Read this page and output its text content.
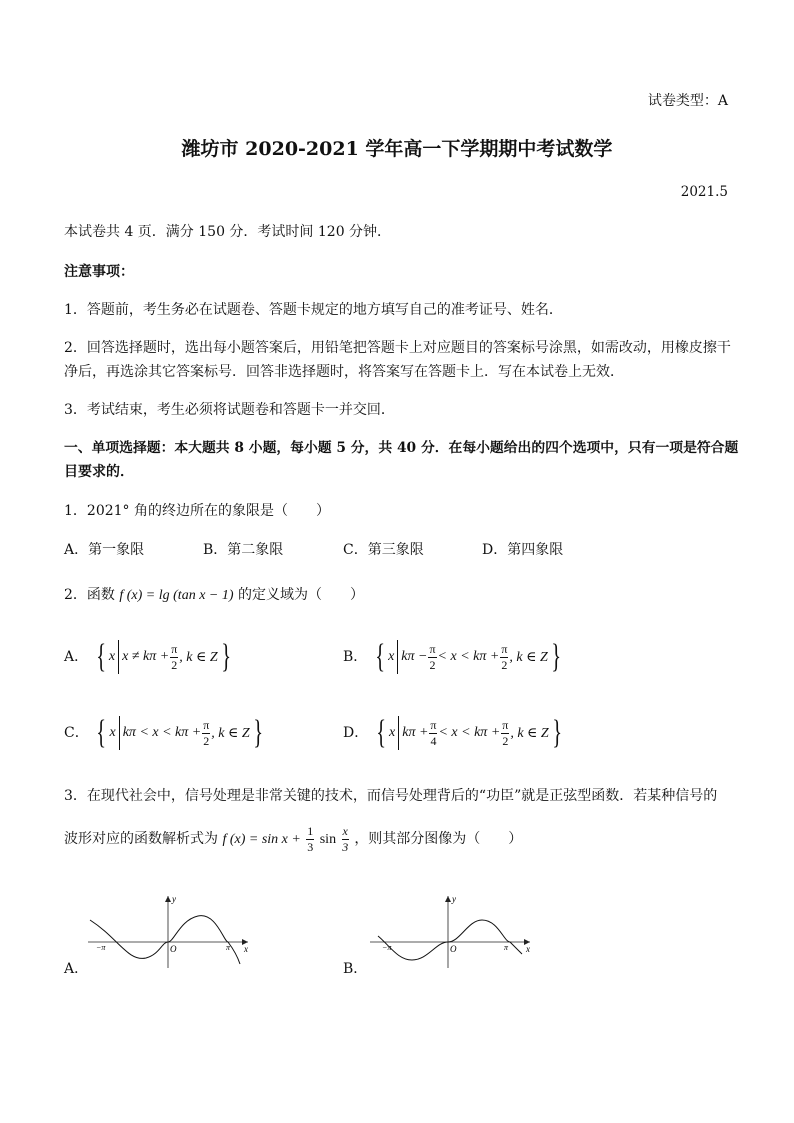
试卷类型：A
潍坊市 2020-2021 学年高一下学期期中考试数学
2021.5
本试卷共 4 页．满分 150 分．考试时间 120 分钟．
注意事项：
1．答题前，考生务必在试题卷、答题卡规定的地方填写自己的准考证号、姓名．
2．回答选择题时，选出每小题答案后，用铅笔把答题卡上对应题目的答案标号涂黑，如需改动，用橡皮擦干
净后，再选涂其它答案标号．回答非选择题时，将答案写在答题卡上．写在本试卷上无效．
3．考试结束，考生必须将试题卷和答题卡一并交回．
一、单项选择题：本大题共 8 小题，每小题 5 分，共 40 分．在每小题给出的四个选项中，只有一项是符合题
目要求的．
1．2021° 角的终边所在的象限是（　　）
A．第一象限	B．第二象限	C．第三象限	D．第四象限
2．函数 f (x) = lg (tan x − 1) 的定义域为（　　）
A． { x $x \ne k\pi + \frac{\pi}{2}$ , k ∈ Z }	B． { x $k\pi - \frac{\pi}{2} < x < k\pi + \frac{\pi}{2}$ , k ∈ Z }
C． { x $k\pi < x < k\pi + \frac{\pi}{2}$ , k ∈ Z }	D． { x $k\pi + \frac{\pi}{4} < x < k\pi + \frac{\pi}{2}$ , k ∈ Z }
3．在现代社会中，信号处理是非常关键的技术，而信号处理背后的“功臣”就是正弦型函数．若某种信号的
波形对应的函数解析式为 f $(x) = \sin x + \frac{1}{3}$ $\sin \frac{x}{3}$ ，则其部分图像为（　　）
A．
y
x
O
−π	π
B．
y
x
O
−π	π
